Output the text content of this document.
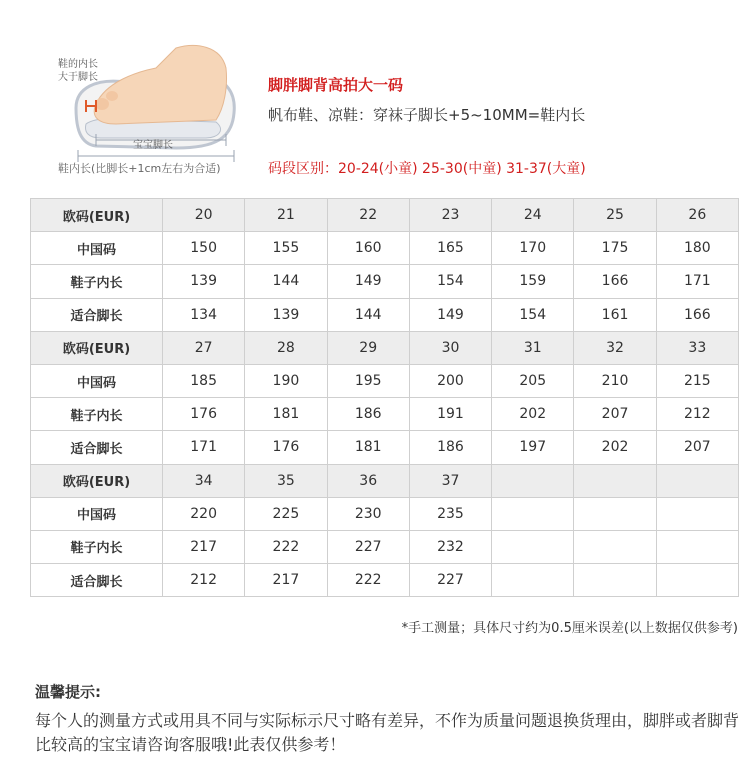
鞋的内长
大于脚长
宝宝脚长
鞋内长(比脚长+1cm左右为合适)
脚胖脚背高拍大一码
帆布鞋、凉鞋：穿袜子脚长+5~10MM=鞋内长
码段区别：20-24(小童) 25-30(中童) 31-37(大童)
欧码(EUR)	20	21	22	23	24	25	26
中国码	150	155	160	165	170	175	180
鞋子内长	139	144	149	154	159	166	171
适合脚长	134	139	144	149	154	161	166
欧码(EUR)	27	28	29	30	31	32	33
中国码	185	190	195	200	205	210	215
鞋子内长	176	181	186	191	202	207	212
适合脚长	171	176	181	186	197	202	207
欧码(EUR)	34	35	36	37			
中国码	220	225	230	235			
鞋子内长	217	222	227	232			
适合脚长	212	217	222	227			
*手工测量；具体尺寸约为0.5厘米误差(以上数据仅供参考)
温馨提示:
每个人的测量方式或用具不同与实际标示尺寸略有差异，不作为质量问题退换货理由，脚胖或者脚背比较高的宝宝请咨询客服哦!此表仅供参考！
